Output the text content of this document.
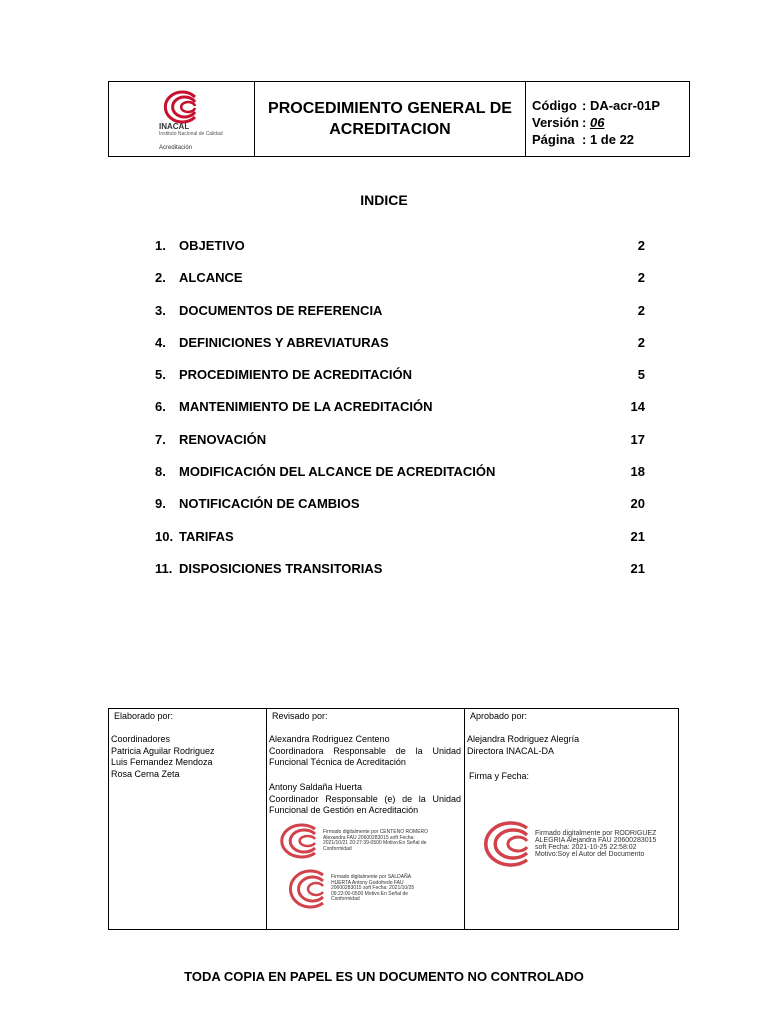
INACAL
Instituto Nacional de Calidad
Acreditación
PROCEDIMIENTO GENERAL DE
ACREDITACION
Código : DA-acr-01P
Versión : 06
Página : 1 de 22
INDICE
1.	OBJETIVO	2
2.	ALCANCE	2
3.	DOCUMENTOS DE REFERENCIA	2
4.	DEFINICIONES Y ABREVIATURAS	2
5.	PROCEDIMIENTO DE ACREDITACIÓN	5
6.	MANTENIMIENTO DE LA ACREDITACIÓN	14
7.	RENOVACIÓN	17
8.	MODIFICACIÓN DEL ALCANCE DE ACREDITACIÓN	18
9.	NOTIFICACIÓN DE CAMBIOS	20
10. TARIFAS	21
11. DISPOSICIONES TRANSITORIAS	21
Elaborado por:
Coordinadores
Patricia Aguilar Rodriguez
Luis Fernandez Mendoza
Rosa Cerna Zeta
Revisado por:
Alexandra Rodriguez Centeno
Coordinadora Responsable de la Unidad Funcional Técnica de Acreditación
Antony Saldaña Huerta
Coordinador Responsable (e) de la Unidad Funcional de Gestión en Acreditación
Firmado digitalmente por CENTENO ROMERO Alexandra FAU 20600283015 soft Fecha: 2021/10/21 20:27:39-0500 Motivo:En Señal de Conformidad
Firmado digitalmente por SALDAÑA HUERTA Antony Godofredo FAU 20600283015 soft Fecha: 2021/10/25 09:23:00-0500 Motivo:En Señal de Conformidad
Aprobado por:
Alejandra Rodriguez Alegría
Directora INACAL-DA
Firma y Fecha:
Firmado digitalmente por RODRIGUEZ ALEGRIA Alejandra FAU 20600283015 soft Fecha: 2021-10-25 22:58:02 Motivo:Soy el Autor del Documento
TODA COPIA EN PAPEL ES UN DOCUMENTO NO CONTROLADO
